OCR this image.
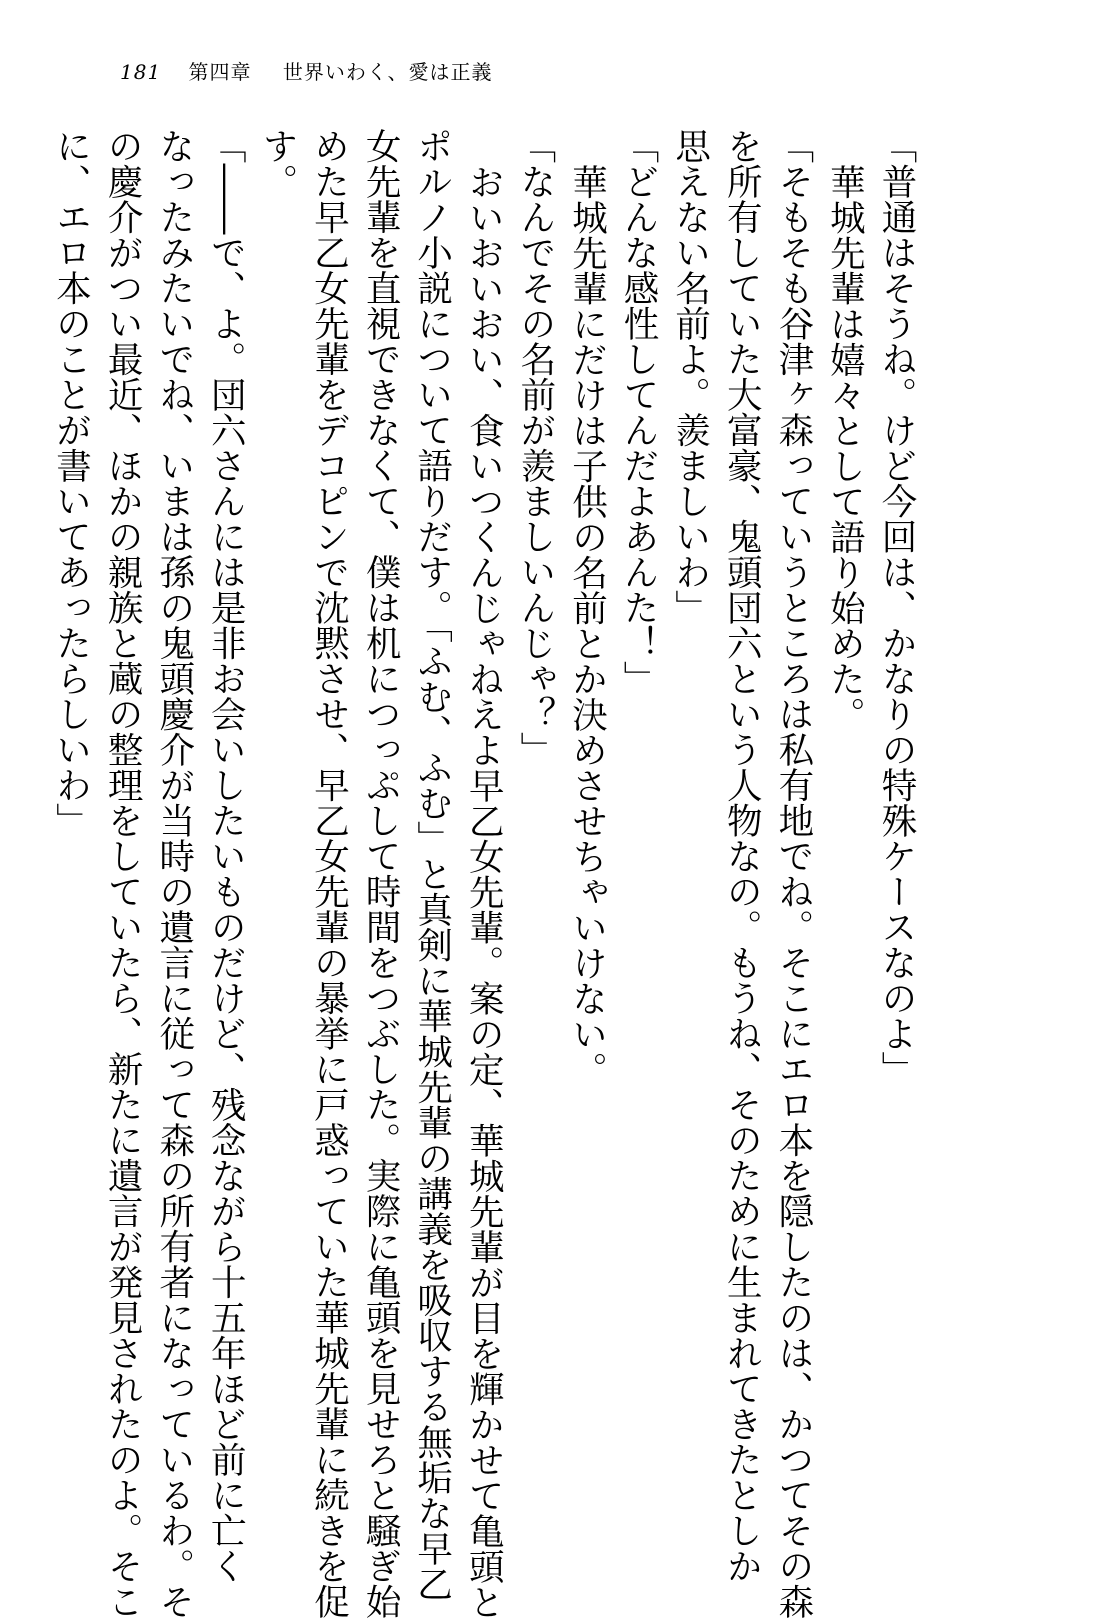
181 第四章 世界いわく、愛は正義

「普通はそうね。けど今回は、かなりの特殊ケースなのよ」

華城先輩は嬉々として語り始めた。

「そもそも谷津ヶ森っていうところは私有地でね。そこにエロ本を隠したのは、かつてその森

を所有していた大富豪、鬼頭団六という人物なの。もうね、そのために生まれてきたとしか

思えない名前よ。羨ましいわ」

「どんな感性してんだよあんた！」

華城先輩にだけは子供の名前とか決めさせちゃいけない。

「なんでその名前が羨ましいんじゃ？」

おいおいおい、食いつくんじゃねえよ早乙女先輩。案の定、華城先輩が目を輝かせて亀頭と

ポルノ小説について語りだす。「ふむ、ふむ」と真剣に華城先輩の講義を吸収する無垢な早乙

女先輩を直視できなくて、僕は机につっぷして時間をつぶした。実際に亀頭を見せろと騒ぎ始

めた早乙女先輩をデコピンで沈黙させ、早乙女先輩の暴挙に戸惑っていた華城先輩に続きを促

す。

「――で、よ。団六さんには是非お会いしたいものだけど、残念ながら十五年ほど前に亡く

なったみたいでね、いまは孫の鬼頭慶介が当時の遺言に従って森の所有者になっているわ。そ

の慶介がつい最近、ほかの親族と蔵の整理をしていたら、新たに遺言が発見されたのよ。そこ

に、エロ本のことが書いてあったらしいわ」
